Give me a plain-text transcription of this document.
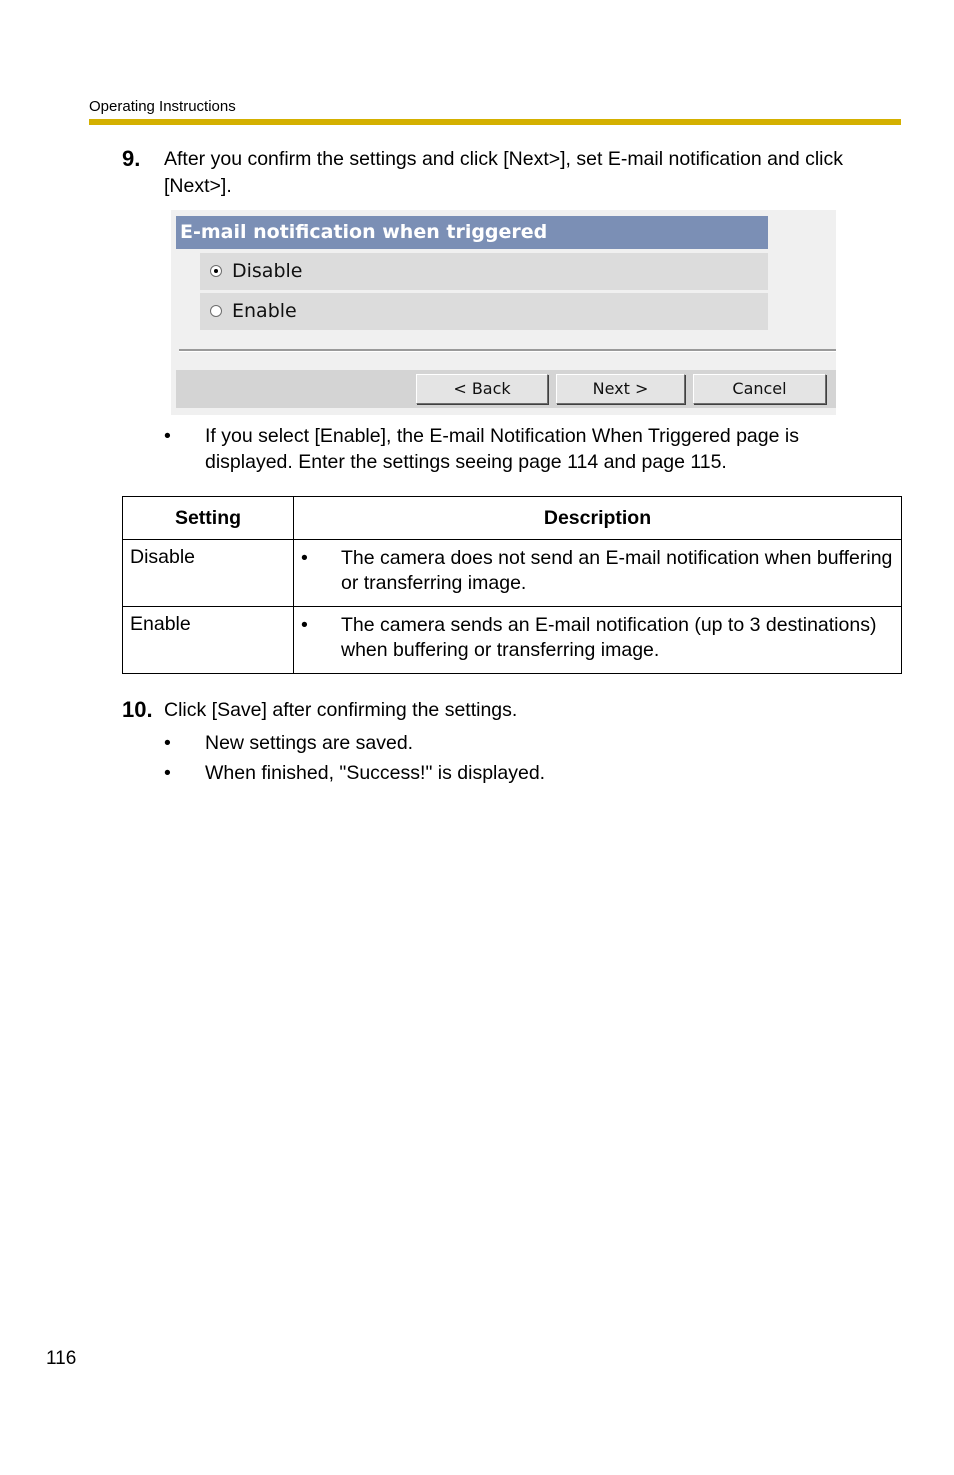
Operating Instructions
9. After you confirm the settings and click [Next>], set E-mail notification and click [Next>].
E-mail notification when triggered
Disable
Enable
< Back	Next >	Cancel
• If you select [Enable], the E-mail Notification When Triggered page is displayed. Enter the settings seeing page 114 and page 115.
Setting	Description
Disable	• The camera does not send an E-mail notification when buffering or transferring image.

Enable	• The camera sends an E-mail notification (up to 3 destinations) when buffering or transferring image.
10. Click [Save] after confirming the settings.
• New settings are saved.
• When finished, "Success!" is displayed.
116
